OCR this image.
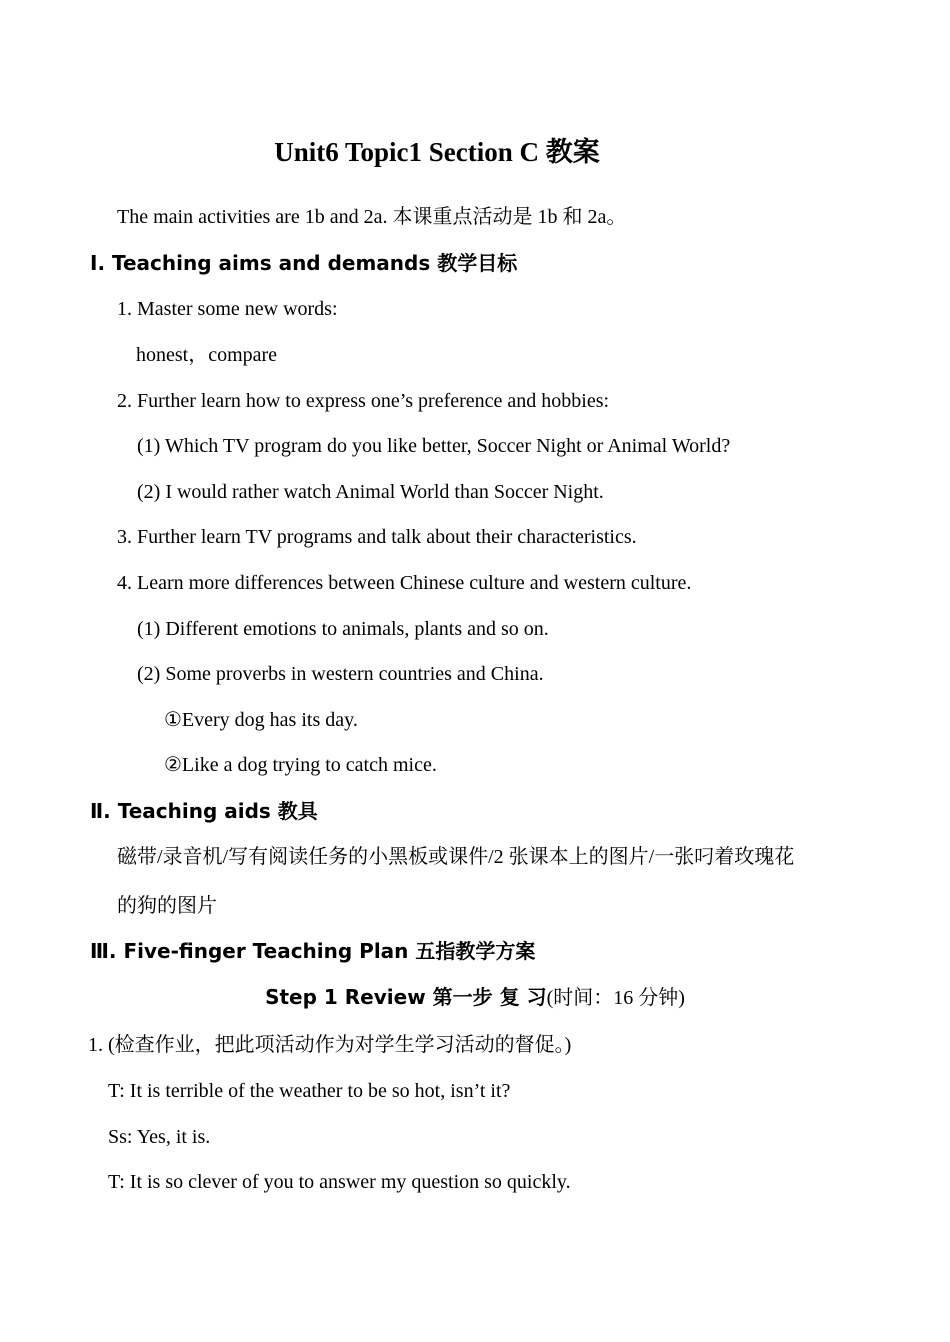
Unit6 Topic1 Section C 教案
The main activities are 1b and 2a. 本课重点活动是 1b 和 2a。
Ⅰ. Teaching aims and demands 教学目标
1. Master some new words:
honest，compare
2. Further learn how to express one’s preference and hobbies:
(1) Which TV program do you like better, Soccer Night or Animal World?
(2) I would rather watch Animal World than Soccer Night.
3. Further learn TV programs and talk about their characteristics.
4. Learn more differences between Chinese culture and western culture.
(1) Different emotions to animals, plants and so on.
(2) Some proverbs in western countries and China.
①Every dog has its day.
②Like a dog trying to catch mice.
Ⅱ. Teaching aids 教具
磁带/录音机/写有阅读任务的小黑板或课件/2 张课本上的图片/一张叼着玫瑰花
的狗的图片
Ⅲ. Five-finger Teaching Plan 五指教学方案
Step 1 Review 第一步 复 习(时间：16 分钟)
1. (检查作业，把此项活动作为对学生学习活动的督促。)
T: It is terrible of the weather to be so hot, isn’t it?
Ss: Yes, it is.
T: It is so clever of you to answer my question so quickly.
